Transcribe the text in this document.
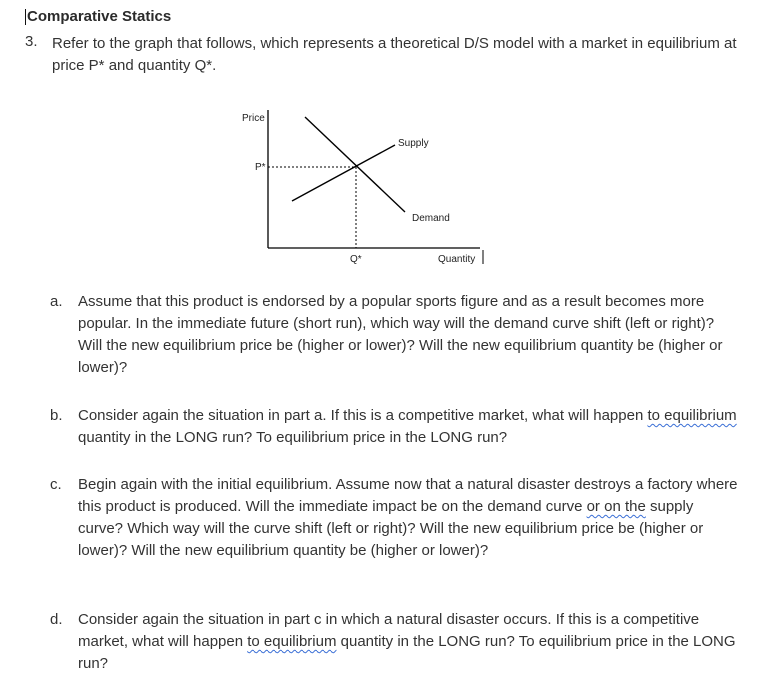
Comparative Statics
3. Refer to the graph that follows, which represents a theoretical D/S model with a market in equilibrium at price P* and quantity Q*.
Price
P*
Q*	Quantity
Supply
Demand
a. Assume that this product is endorsed by a popular sports figure and as a result becomes more popular. In the immediate future (short run), which way will the demand curve shift (left or right)? Will the new equilibrium price be (higher or lower)? Will the new equilibrium quantity be (higher or lower)?
b. Consider again the situation in part a. If this is a competitive market, what will happen to equilibrium quantity in the LONG run? To equilibrium price in the LONG run?
c. Begin again with the initial equilibrium. Assume now that a natural disaster destroys a factory where this product is produced. Will the immediate impact be on the demand curve or on the supply curve? Which way will the curve shift (left or right)? Will the new equilibrium price be (higher or lower)? Will the new equilibrium quantity be (higher or lower)?
d. Consider again the situation in part c in which a natural disaster occurs. If this is a competitive market, what will happen to equilibrium quantity in the LONG run? To equilibrium price in the LONG run?
